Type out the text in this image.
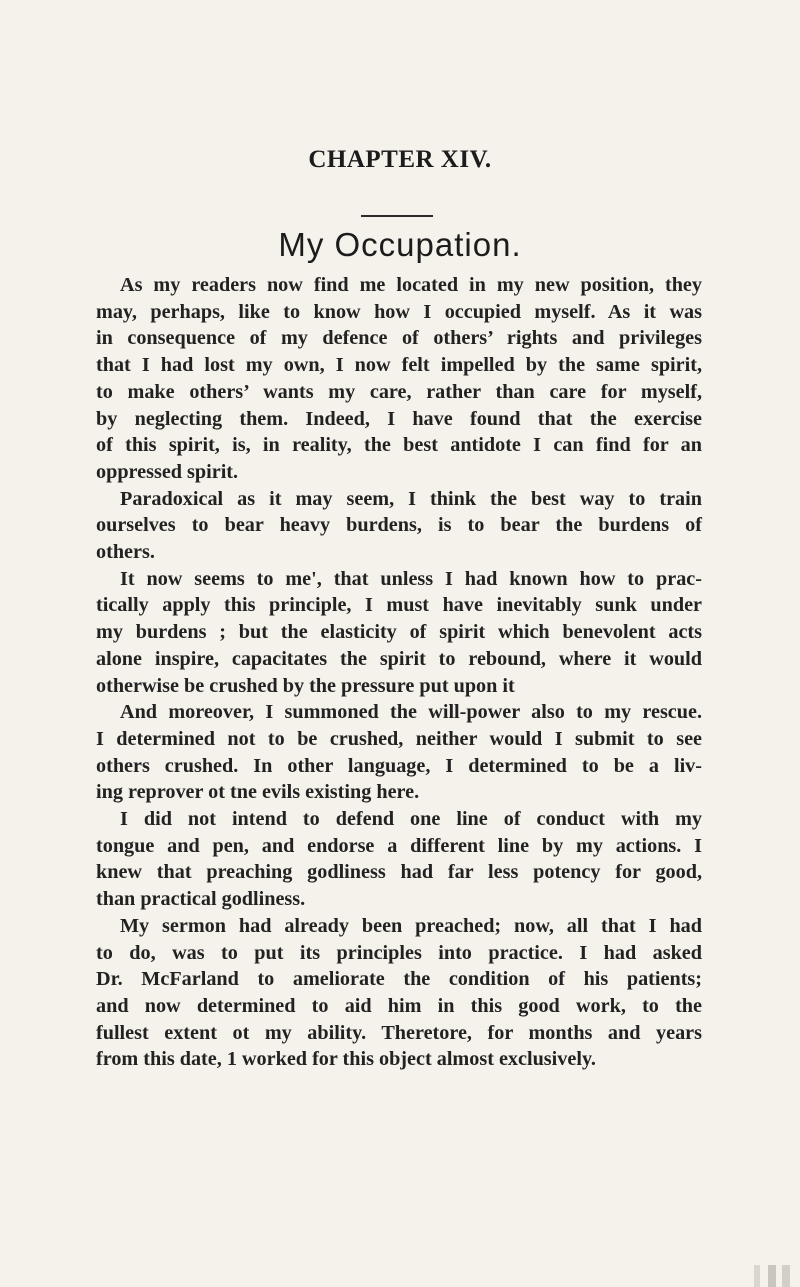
CHAPTER XIV.
My Occupation.
As my readers now find me located in my new position, they
may, perhaps, like to know how I occupied myself. As it was
in consequence of my defence of others’ rights and privileges
that I had lost my own, I now felt impelled by the same spirit,
to make others’ wants my care, rather than care for myself,
by neglecting them. Indeed, I have found that the exercise
of this spirit, is, in reality, the best antidote I can find for an
oppressed spirit.
Paradoxical as it may seem, I think the best way to train
ourselves to bear heavy burdens, is to bear the burdens of
others.
It now seems to me', that unless I had known how to prac-
tically apply this principle, I must have inevitably sunk under
my burdens ; but the elasticity of spirit which benevolent acts
alone inspire, capacitates the spirit to rebound, where it would
otherwise be crushed by the pressure put upon it
And moreover, I summoned the will-power also to my rescue.
I determined not to be crushed, neither would I submit to see
others crushed. In other language, I determined to be a liv-
ing reprover ot tne evils existing here.
I did not intend to defend one line of conduct with my
tongue and pen, and endorse a different line by my actions. I
knew that preaching godliness had far less potency for good,
than practical godliness.
My sermon had already been preached; now, all that I had
to do, was to put its principles into practice. I had asked
Dr. McFarland to ameliorate the condition of his patients;
and now determined to aid him in this good work, to the
fullest extent ot my ability. Theretore, for months and years
from this date, 1 worked for this object almost exclusively.
